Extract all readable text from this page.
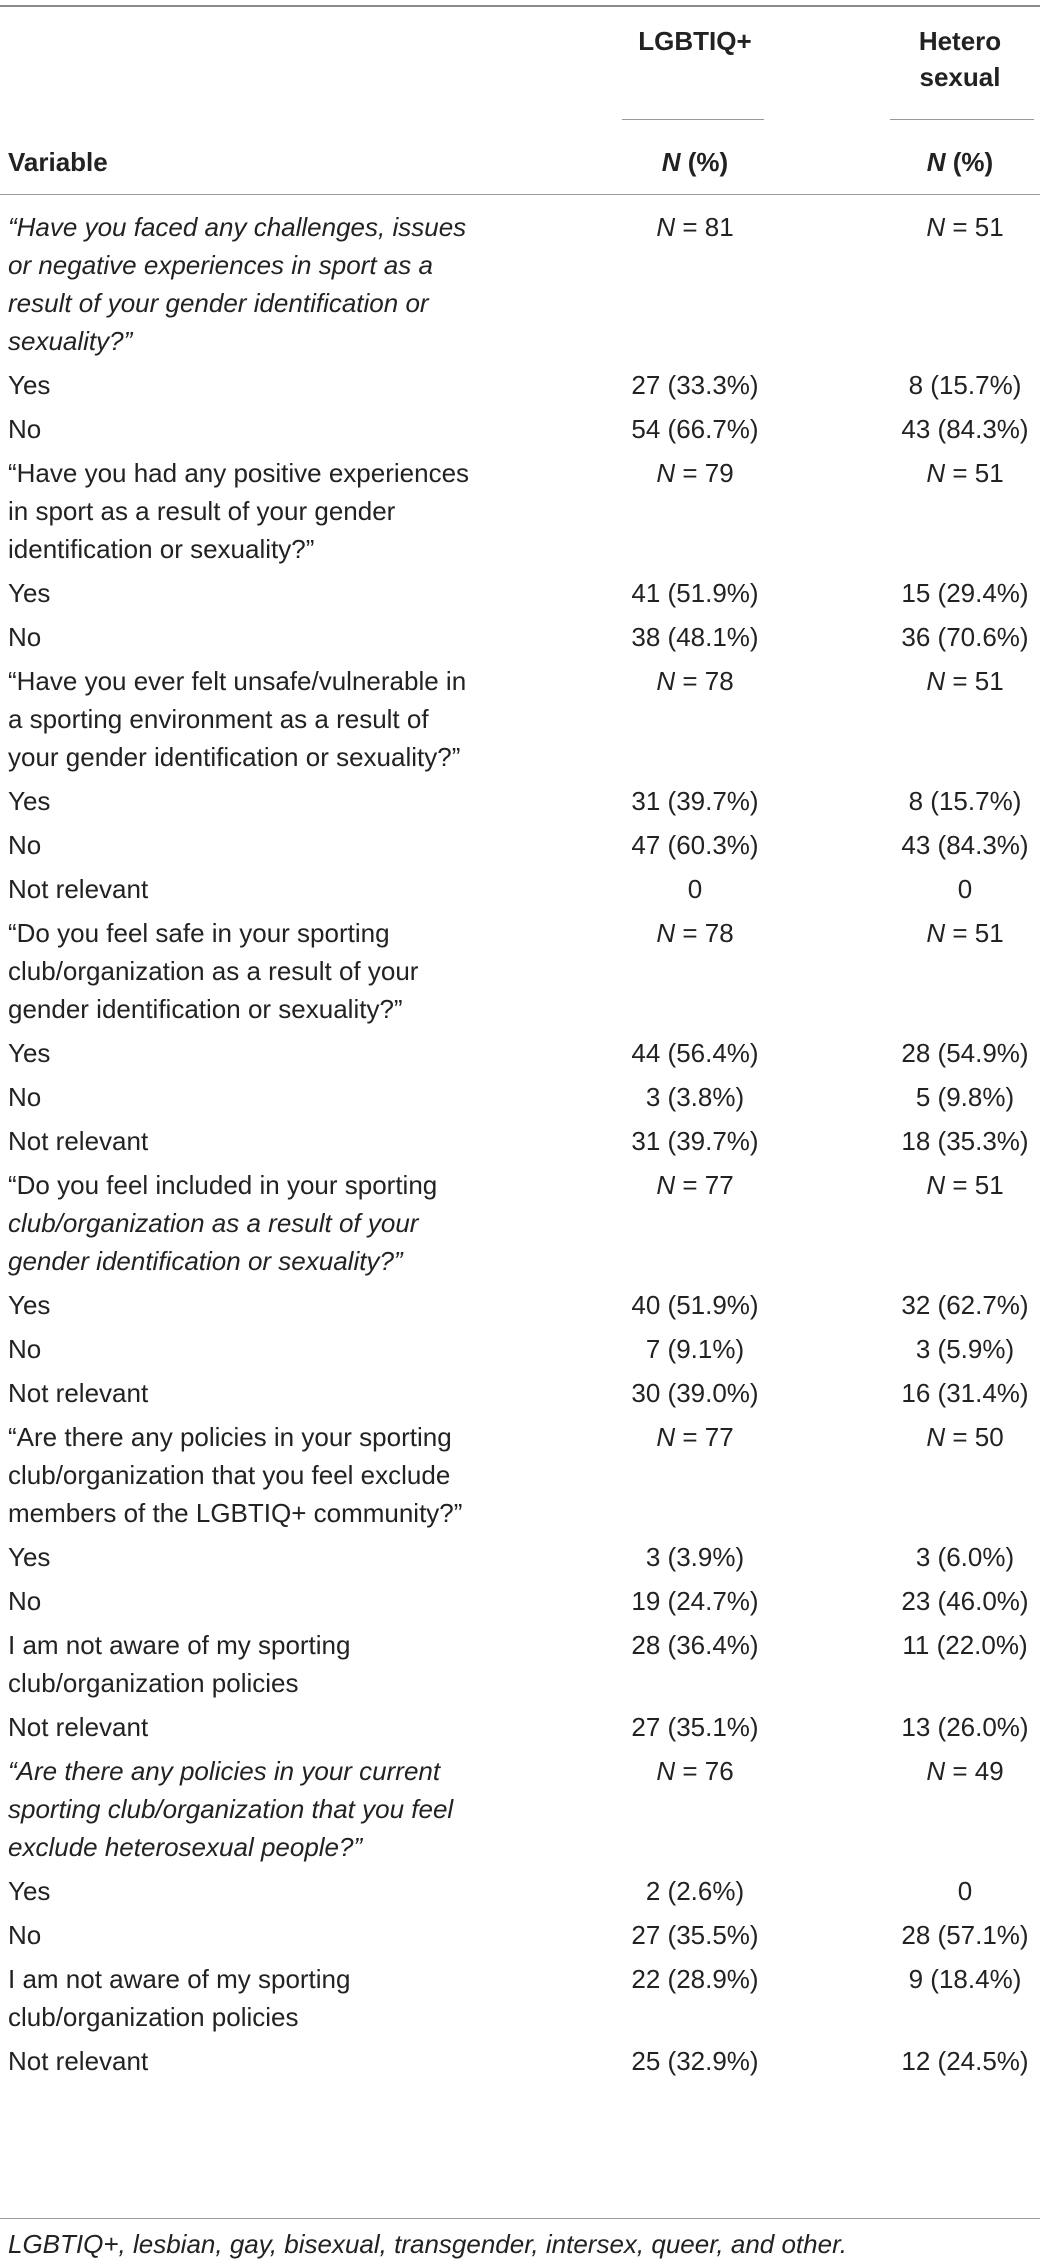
LGBTIQ+	Hetero
sexual
Variable	N (%)	N (%)
“Have you faced any challenges, issues
or negative experiences in sport as a
result of your gender identification or
sexuality?”
N = 81	N = 51
Yes	27 (33.3%)	8 (15.7%)
No	54 (66.7%)	43 (84.3%)
“Have you had any positive experiences
in sport as a result of your gender
identification or sexuality?”
N = 79	N = 51
Yes	41 (51.9%)	15 (29.4%)
No	38 (48.1%)	36 (70.6%)
“Have you ever felt unsafe/vulnerable in
a sporting environment as a result of
your gender identification or sexuality?”
N = 78	N = 51
Yes	31 (39.7%)	8 (15.7%)
No	47 (60.3%)	43 (84.3%)
Not relevant	0	0
“Do you feel safe in your sporting
club/organization as a result of your
gender identification or sexuality?”
N = 78	N = 51
Yes	44 (56.4%)	28 (54.9%)
No	3 (3.8%)	5 (9.8%)
Not relevant	31 (39.7%)	18 (35.3%)
“Do you feel included in your sporting
club/organization as a result of your
gender identification or sexuality?”
N = 77	N = 51
Yes	40 (51.9%)	32 (62.7%)
No	7 (9.1%)	3 (5.9%)
Not relevant	30 (39.0%)	16 (31.4%)
“Are there any policies in your sporting
club/organization that you feel exclude
members of the LGBTIQ+ community?”
N = 77	N = 50
Yes	3 (3.9%)	3 (6.0%)
No	19 (24.7%)	23 (46.0%)
I am not aware of my sporting
club/organization policies
28 (36.4%)	11 (22.0%)
Not relevant	27 (35.1%)	13 (26.0%)
“Are there any policies in your current
sporting club/organization that you feel
exclude heterosexual people?”
N = 76	N = 49
Yes	2 (2.6%)	0
No	27 (35.5%)	28 (57.1%)
I am not aware of my sporting
club/organization policies
22 (28.9%)	9 (18.4%)
Not relevant	25 (32.9%)	12 (24.5%)
LGBTIQ+, lesbian, gay, bisexual, transgender, intersex, queer, and other.
